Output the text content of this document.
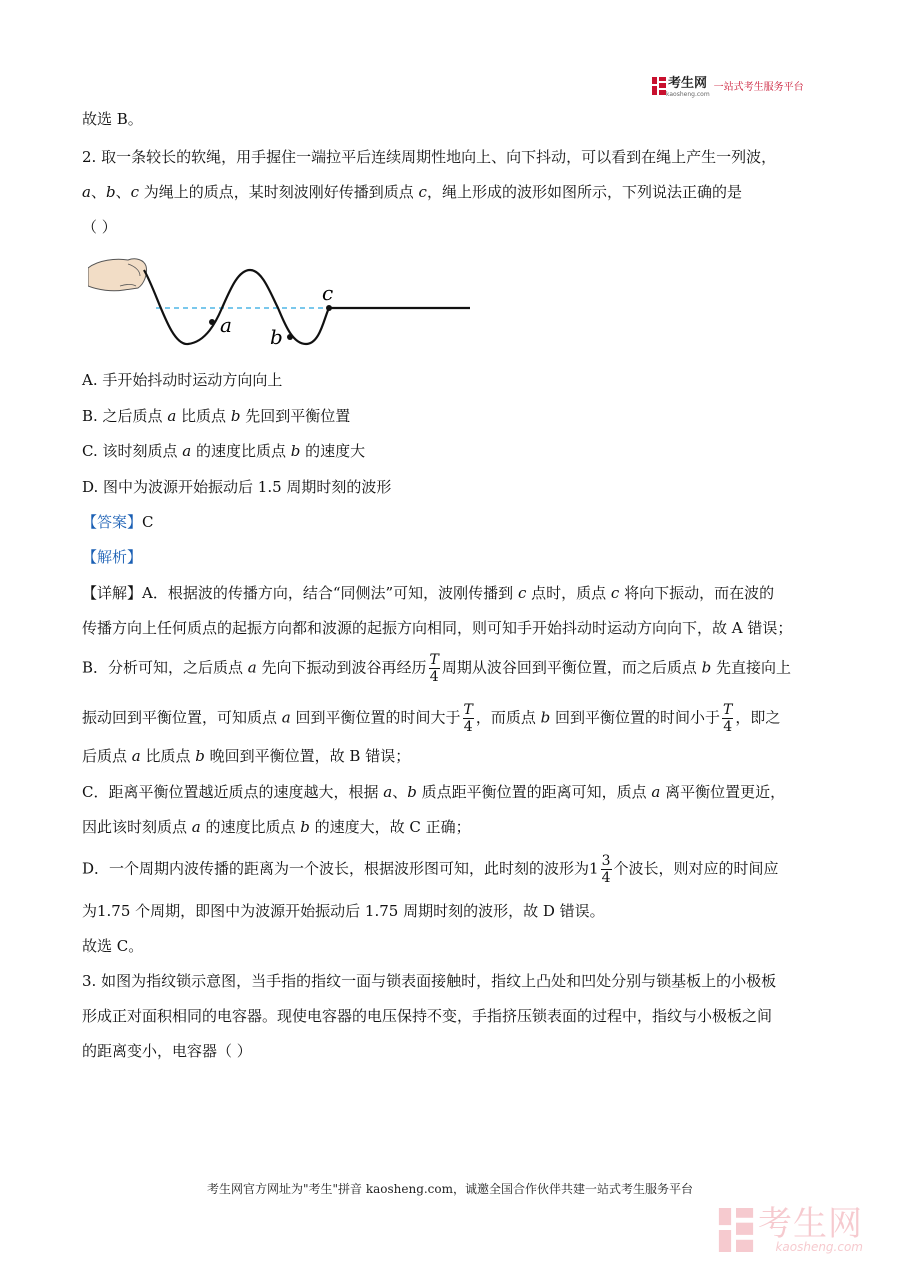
考生网
kaosheng.com
一站式考生服务平台
故选 B。
2. 取一条较长的软绳，用手握住一端拉平后连续周期性地向上、向下抖动，可以看到在绳上产生一列波，
a、b、c 为绳上的质点，某时刻波刚好传播到质点 c，绳上形成的波形如图所示，下列说法正确的是
（ ）
a b
c
A. 手开始抖动时运动方向向上
B. 之后质点 a 比质点 b 先回到平衡位置
C. 该时刻质点 a 的速度比质点 b 的速度大
D. 图中为波源开始振动后 1.5 周期时刻的波形
【答案】C
【解析】
【详解】A．根据波的传播方向，结合“同侧法”可知，波刚传播到 c 点时，质点 c 将向下振动，而在波的
传播方向上任何质点的起振方向都和波源的起振方向相同，则可知手开始抖动时运动方向向下，故 A 错误；
B．分析可知，之后质点 a 先向下振动到波谷再经历 $\frac{T}{4}$ 周期从波谷回到平衡位置，而之后质点 b 先直接向上
振动回到平衡位置，可知质点 a 回到平衡位置的时间大于 $\frac{T}{4}$ ，而质点 b 回到平衡位置的时间小于 $\frac{T}{4}$ ，即之
后质点 a 比质点 b 晚回到平衡位置，故 B 错误；
C．距离平衡位置越近质点的速度越大，根据 a、b 质点距平衡位置的距离可知，质点 a 离平衡位置更近，
因此该时刻质点 a 的速度比质点 b 的速度大，故 C 正确；
D．一个周期内波传播的距离为一个波长，根据波形图可知，此时刻的波形为$1 \frac{3}{4}$ 个波长，则对应的时间应
为1.75 个周期，即图中为波源开始振动后 1.75 周期时刻的波形，故 D 错误。
故选 C。
3. 如图为指纹锁示意图，当手指的指纹一面与锁表面接触时，指纹上凸处和凹处分别与锁基板上的小极板
形成正对面积相同的电容器。现使电容器的电压保持不变，手指挤压锁表面的过程中，指纹与小极板之间
的距离变小，电容器（ ）
考生网官方网址为"考生"拼音 kaosheng.com，诚邀全国合作伙伴共建一站式考生服务平台
考生网
kaosheng.com
